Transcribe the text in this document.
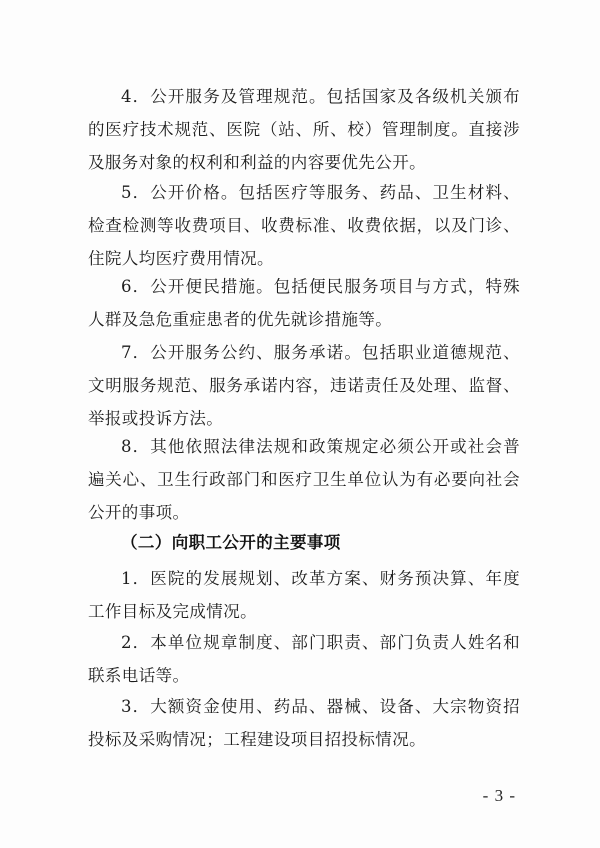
4．公开服务及管理规范。包括国家及各级机关颁布的医疗技术规范、医院（站、所、校）管理制度。直接涉及服务对象的权利和利益的内容要优先公开。

5．公开价格。包括医疗等服务、药品、卫生材料、检查检测等收费项目、收费标准、收费依据，以及门诊、住院人均医疗费用情况。

6．公开便民措施。包括便民服务项目与方式，特殊人群及急危重症患者的优先就诊措施等。

7．公开服务公约、服务承诺。包括职业道德规范、文明服务规范、服务承诺内容，违诺责任及处理、监督、举报或投诉方法。

8．其他依照法律法规和政策规定必须公开或社会普遍关心、卫生行政部门和医疗卫生单位认为有必要向社会公开的事项。

（二）向职工公开的主要事项

1．医院的发展规划、改革方案、财务预决算、年度工作目标及完成情况。

2．本单位规章制度、部门职责、部门负责人姓名和联系电话等。

3．大额资金使用、药品、器械、设备、大宗物资招投标及采购情况；工程建设项目招投标情况。

- 3 -
